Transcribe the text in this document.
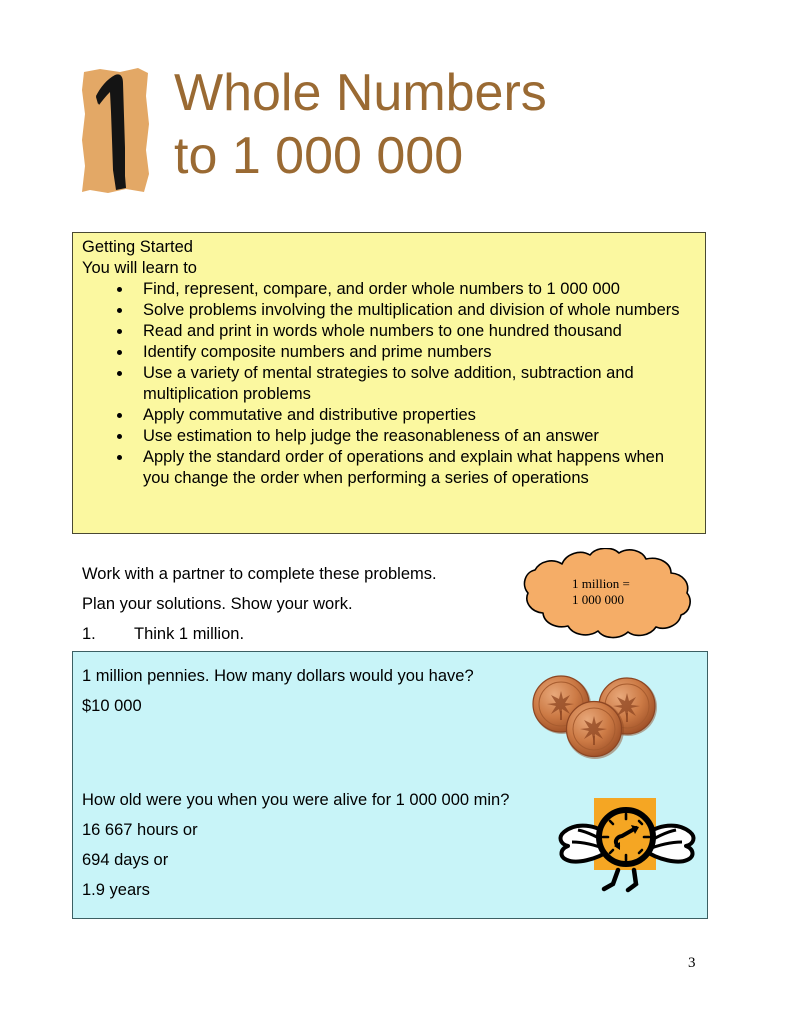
Whole Numbers
to 1 000 000
Getting Started
You will learn to
Find, represent, compare, and order whole numbers to 1 000 000
Solve problems involving the multiplication and division of whole numbers
Read and print in words whole numbers to one hundred thousand
Identify composite numbers and prime numbers
Use a variety of mental strategies to solve addition, subtraction and multiplication problems
Apply commutative and distributive properties
Use estimation to help judge the reasonableness of an answer
Apply the standard order of operations and explain what happens when you change the order when performing a series of operations
Work with a partner to complete these problems.
Plan your solutions. Show your work.
1. Think 1 million.
1 million =
1 000 000
1 million pennies. How many dollars would you have?
$10 000
How old were you when you were alive for 1 000 000 min?
16 667 hours or
694 days or
1.9 years
3
